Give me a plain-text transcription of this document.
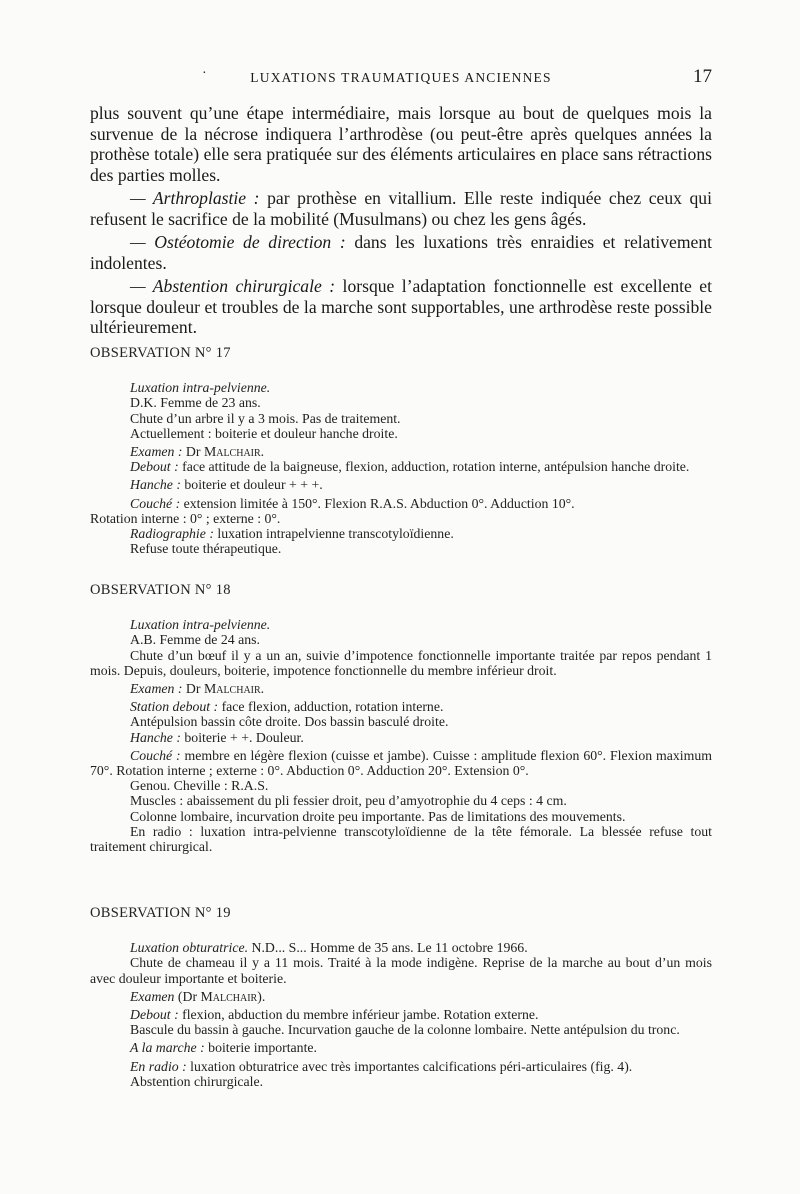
·	LUXATIONS TRAUMATIQUES ANCIENNES	17

plus souvent qu’une étape intermédiaire, mais lorsque au bout de quelques mois la survenue de la nécrose indiquera l’arthrodèse (ou peut-être après quelques années la prothèse totale) elle sera pratiquée sur des éléments articulaires en place sans rétractions des parties molles.

— Arthroplastie : par prothèse en vitallium. Elle reste indiquée chez ceux qui refusent le sacrifice de la mobilité (Musulmans) ou chez les gens âgés.

— Ostéotomie de direction : dans les luxations très enraidies et relativement indolentes.

— Abstention chirurgicale : lorsque l’adaptation fonctionnelle est excellente et lorsque douleur et troubles de la marche sont supportables, une arthrodèse reste possible ultérieurement.

OBSERVATION N° 17

Luxation intra-pelvienne.

D.K. Femme de 23 ans.

Chute d’un arbre il y a 3 mois. Pas de traitement.

Actuellement : boiterie et douleur hanche droite.

Examen : Dr Malchair.

Debout : face attitude de la baigneuse, flexion, adduction, rotation interne, antépulsion hanche droite.

Hanche : boiterie et douleur + + +.

Couché : extension limitée à 150°. Flexion R.A.S. Abduction 0°. Adduction 10°.

Rotation interne : 0° ; externe : 0°.

Radiographie : luxation intrapelvienne transcotyloïdienne.

Refuse toute thérapeutique.

OBSERVATION N° 18

Luxation intra-pelvienne.

A.B. Femme de 24 ans.

Chute d’un bœuf il y a un an, suivie d’impotence fonctionnelle importante traitée par repos pendant 1 mois. Depuis, douleurs, boiterie, impotence fonctionnelle du membre inférieur droit.

Examen : Dr Malchair.

Station debout : face flexion, adduction, rotation interne.

Antépulsion bassin côte droite. Dos bassin basculé droite.

Hanche : boiterie + +. Douleur.

Couché : membre en légère flexion (cuisse et jambe). Cuisse : amplitude flexion 60°. Flexion maximum 70°. Rotation interne ; externe : 0°. Abduction 0°. Adduction 20°. Extension 0°.

Genou. Cheville : R.A.S.

Muscles : abaissement du pli fessier droit, peu d’amyotrophie du 4 ceps : 4 cm.

Colonne lombaire, incurvation droite peu importante. Pas de limitations des mouvements.

En radio : luxation intra-pelvienne transcotyloïdienne de la tête fémorale. La blessée refuse tout traitement chirurgical.

OBSERVATION N° 19

Luxation obturatrice. N.D... S... Homme de 35 ans. Le 11 octobre 1966.

Chute de chameau il y a 11 mois. Traité à la mode indigène. Reprise de la marche au bout d’un mois avec douleur importante et boiterie.

Examen (Dr Malchair).

Debout : flexion, abduction du membre inférieur jambe. Rotation externe.

Bascule du bassin à gauche. Incurvation gauche de la colonne lombaire. Nette antépulsion du tronc.

A la marche : boiterie importante.

En radio : luxation obturatrice avec très importantes calcifications péri-articulaires (fig. 4).

Abstention chirurgicale.
